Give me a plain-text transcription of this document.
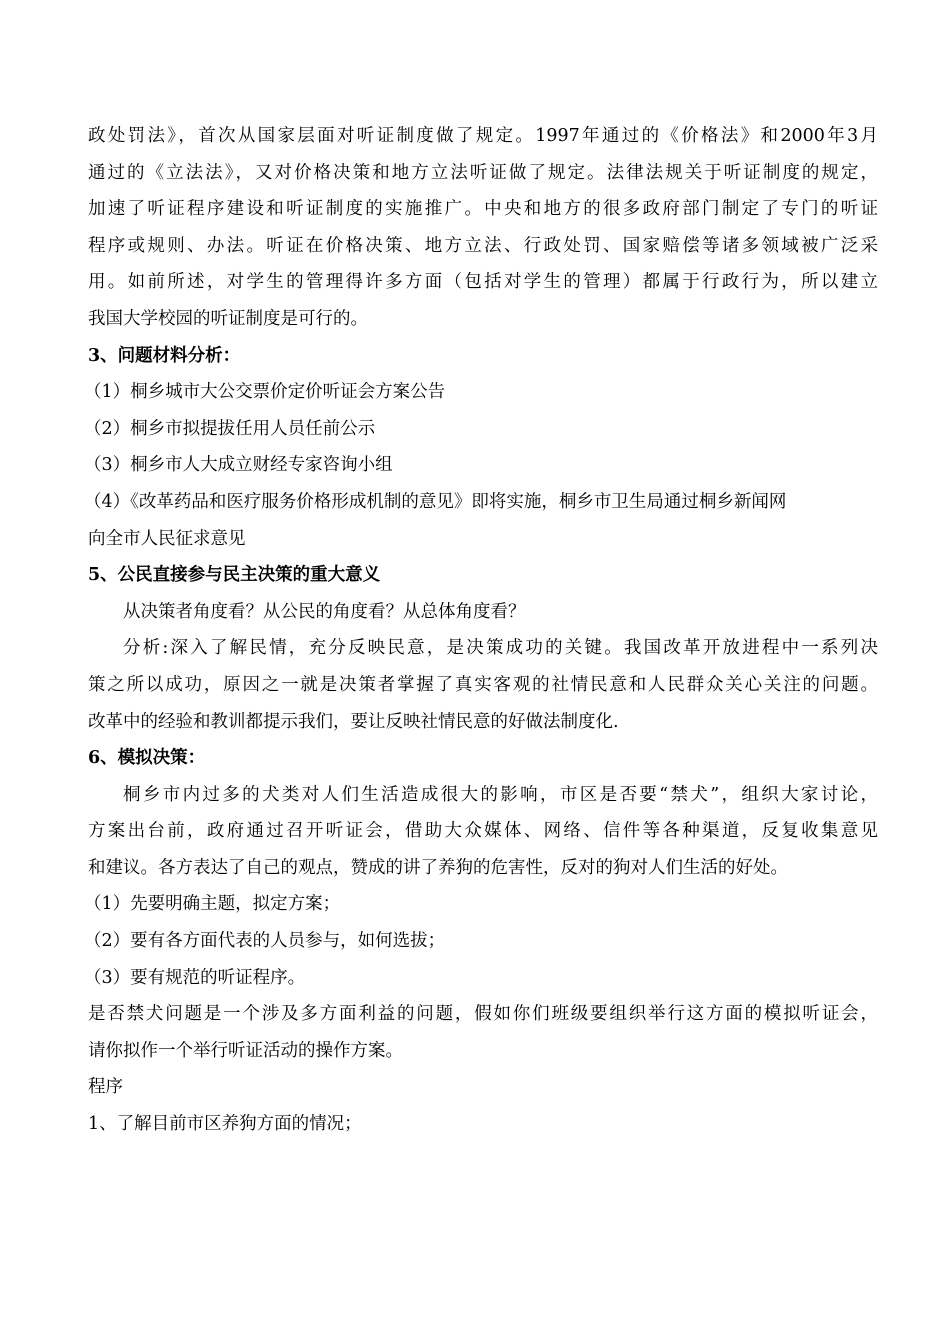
政处罚法》，首次从国家层面对听证制度做了规定。1997年通过的《价格法》和2000年3月
通过的《立法法》，又对价格决策和地方立法听证做了规定。法律法规关于听证制度的规定，
加速了听证程序建设和听证制度的实施推广。中央和地方的很多政府部门制定了专门的听证
程序或规则、办法。听证在价格决策、地方立法、行政处罚、国家赔偿等诸多领域被广泛采
用。如前所述，对学生的管理得许多方面（包括对学生的管理）都属于行政行为，所以建立
我国大学校园的听证制度是可行的。
3、问题材料分析：
（1）桐乡城市大公交票价定价听证会方案公告
（2）桐乡市拟提拔任用人员任前公示
（3）桐乡市人大成立财经专家咨询小组
（4）《改革药品和医疗服务价格形成机制的意见》即将实施，桐乡市卫生局通过桐乡新闻网
向全市人民征求意见
5、公民直接参与民主决策的重大意义
从决策者角度看？从公民的角度看？从总体角度看？
分析:深入了解民情，充分反映民意，是决策成功的关键。我国改革开放进程中一系列决
策之所以成功，原因之一就是决策者掌握了真实客观的社情民意和人民群众关心关注的问题。
改革中的经验和教训都提示我们，要让反映社情民意的好做法制度化.
6、模拟决策：
桐乡市内过多的犬类对人们生活造成很大的影响，市区是否要“禁犬”，组织大家讨论，
方案出台前，政府通过召开听证会，借助大众媒体、网络、信件等各种渠道，反复收集意见
和建议。各方表达了自己的观点，赞成的讲了养狗的危害性，反对的狗对人们生活的好处。
（1）先要明确主题，拟定方案；
（2）要有各方面代表的人员参与，如何选拔；
（3）要有规范的听证程序。
是否禁犬问题是一个涉及多方面利益的问题，假如你们班级要组织举行这方面的模拟听证会，
请你拟作一个举行听证活动的操作方案。
程序
1、了解目前市区养狗方面的情况；
